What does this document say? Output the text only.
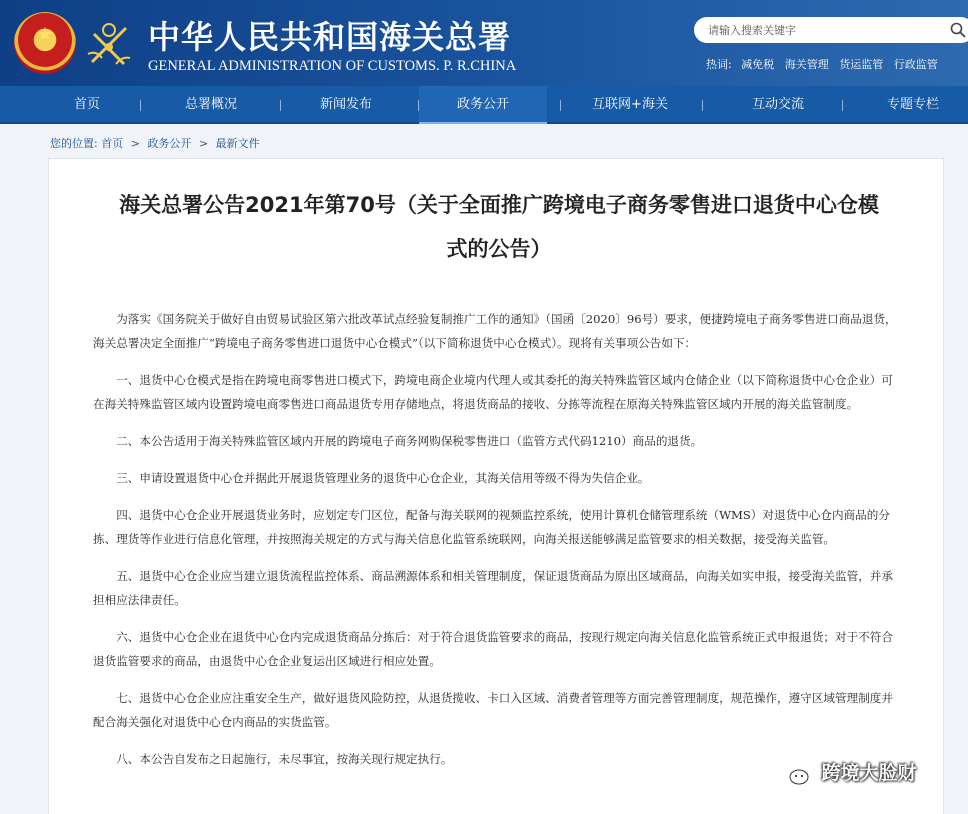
★	中华人民共和国海关总署
GENERAL ADMINISTRATION OF CUSTOMS. P. R.CHINA
请输入搜索关键字	热词: 减免税 海关管理 货运监管 行政监管
首页	总署概况	新闻发布	政务公开	互联网+海关	互动交流	专题专栏
您的位置: 首页 > 政务公开 > 最新文件
海关总署公告2021年第70号（关于全面推广跨境电子商务零售进口退货中心仓模
式的公告）

为落实《国务院关于做好自由贸易试验区第六批改革试点经验复制推广工作的通知》（国函〔2020〕96号）要求，便捷跨境电子商务零售进口商品退货，海关总署决定全面推广“跨境电子商务零售进口退货中心仓模式”（以下简称退货中心仓模式）。现将有关事项公告如下：

一、退货中心仓模式是指在跨境电商零售进口模式下，跨境电商企业境内代理人或其委托的海关特殊监管区域内仓储企业（以下简称退货中心仓企业）可在海关特殊监管区域内设置跨境电商零售进口商品退货专用存储地点，将退货商品的接收、分拣等流程在原海关特殊监管区域内开展的海关监管制度。

二、本公告适用于海关特殊监管区域内开展的跨境电子商务网购保税零售进口（监管方式代码1210）商品的退货。

三、申请设置退货中心仓并据此开展退货管理业务的退货中心仓企业，其海关信用等级不得为失信企业。

四、退货中心仓企业开展退货业务时，应划定专门区位，配备与海关联网的视频监控系统，使用计算机仓储管理系统（WMS）对退货中心仓内商品的分拣、理货等作业进行信息化管理，并按照海关规定的方式与海关信息化监管系统联网，向海关报送能够满足监管要求的相关数据，接受海关监管。

五、退货中心仓企业应当建立退货流程监控体系、商品溯源体系和相关管理制度，保证退货商品为原出区域商品，向海关如实申报，接受海关监管，并承担相应法律责任。

六、退货中心仓企业在退货中心仓内完成退货商品分拣后：对于符合退货监管要求的商品，按现行规定向海关信息化监管系统正式申报退货；对于不符合退货监管要求的商品，由退货中心仓企业复运出区域进行相应处置。

七、退货中心仓企业应注重安全生产，做好退货风险防控，从退货揽收、卡口入区域、消费者管理等方面完善管理制度，规范操作，遵守区域管理制度并配合海关强化对退货中心仓内商品的实货监管。

八、本公告自发布之日起施行，未尽事宜，按海关现行规定执行。

跨境大脸财
